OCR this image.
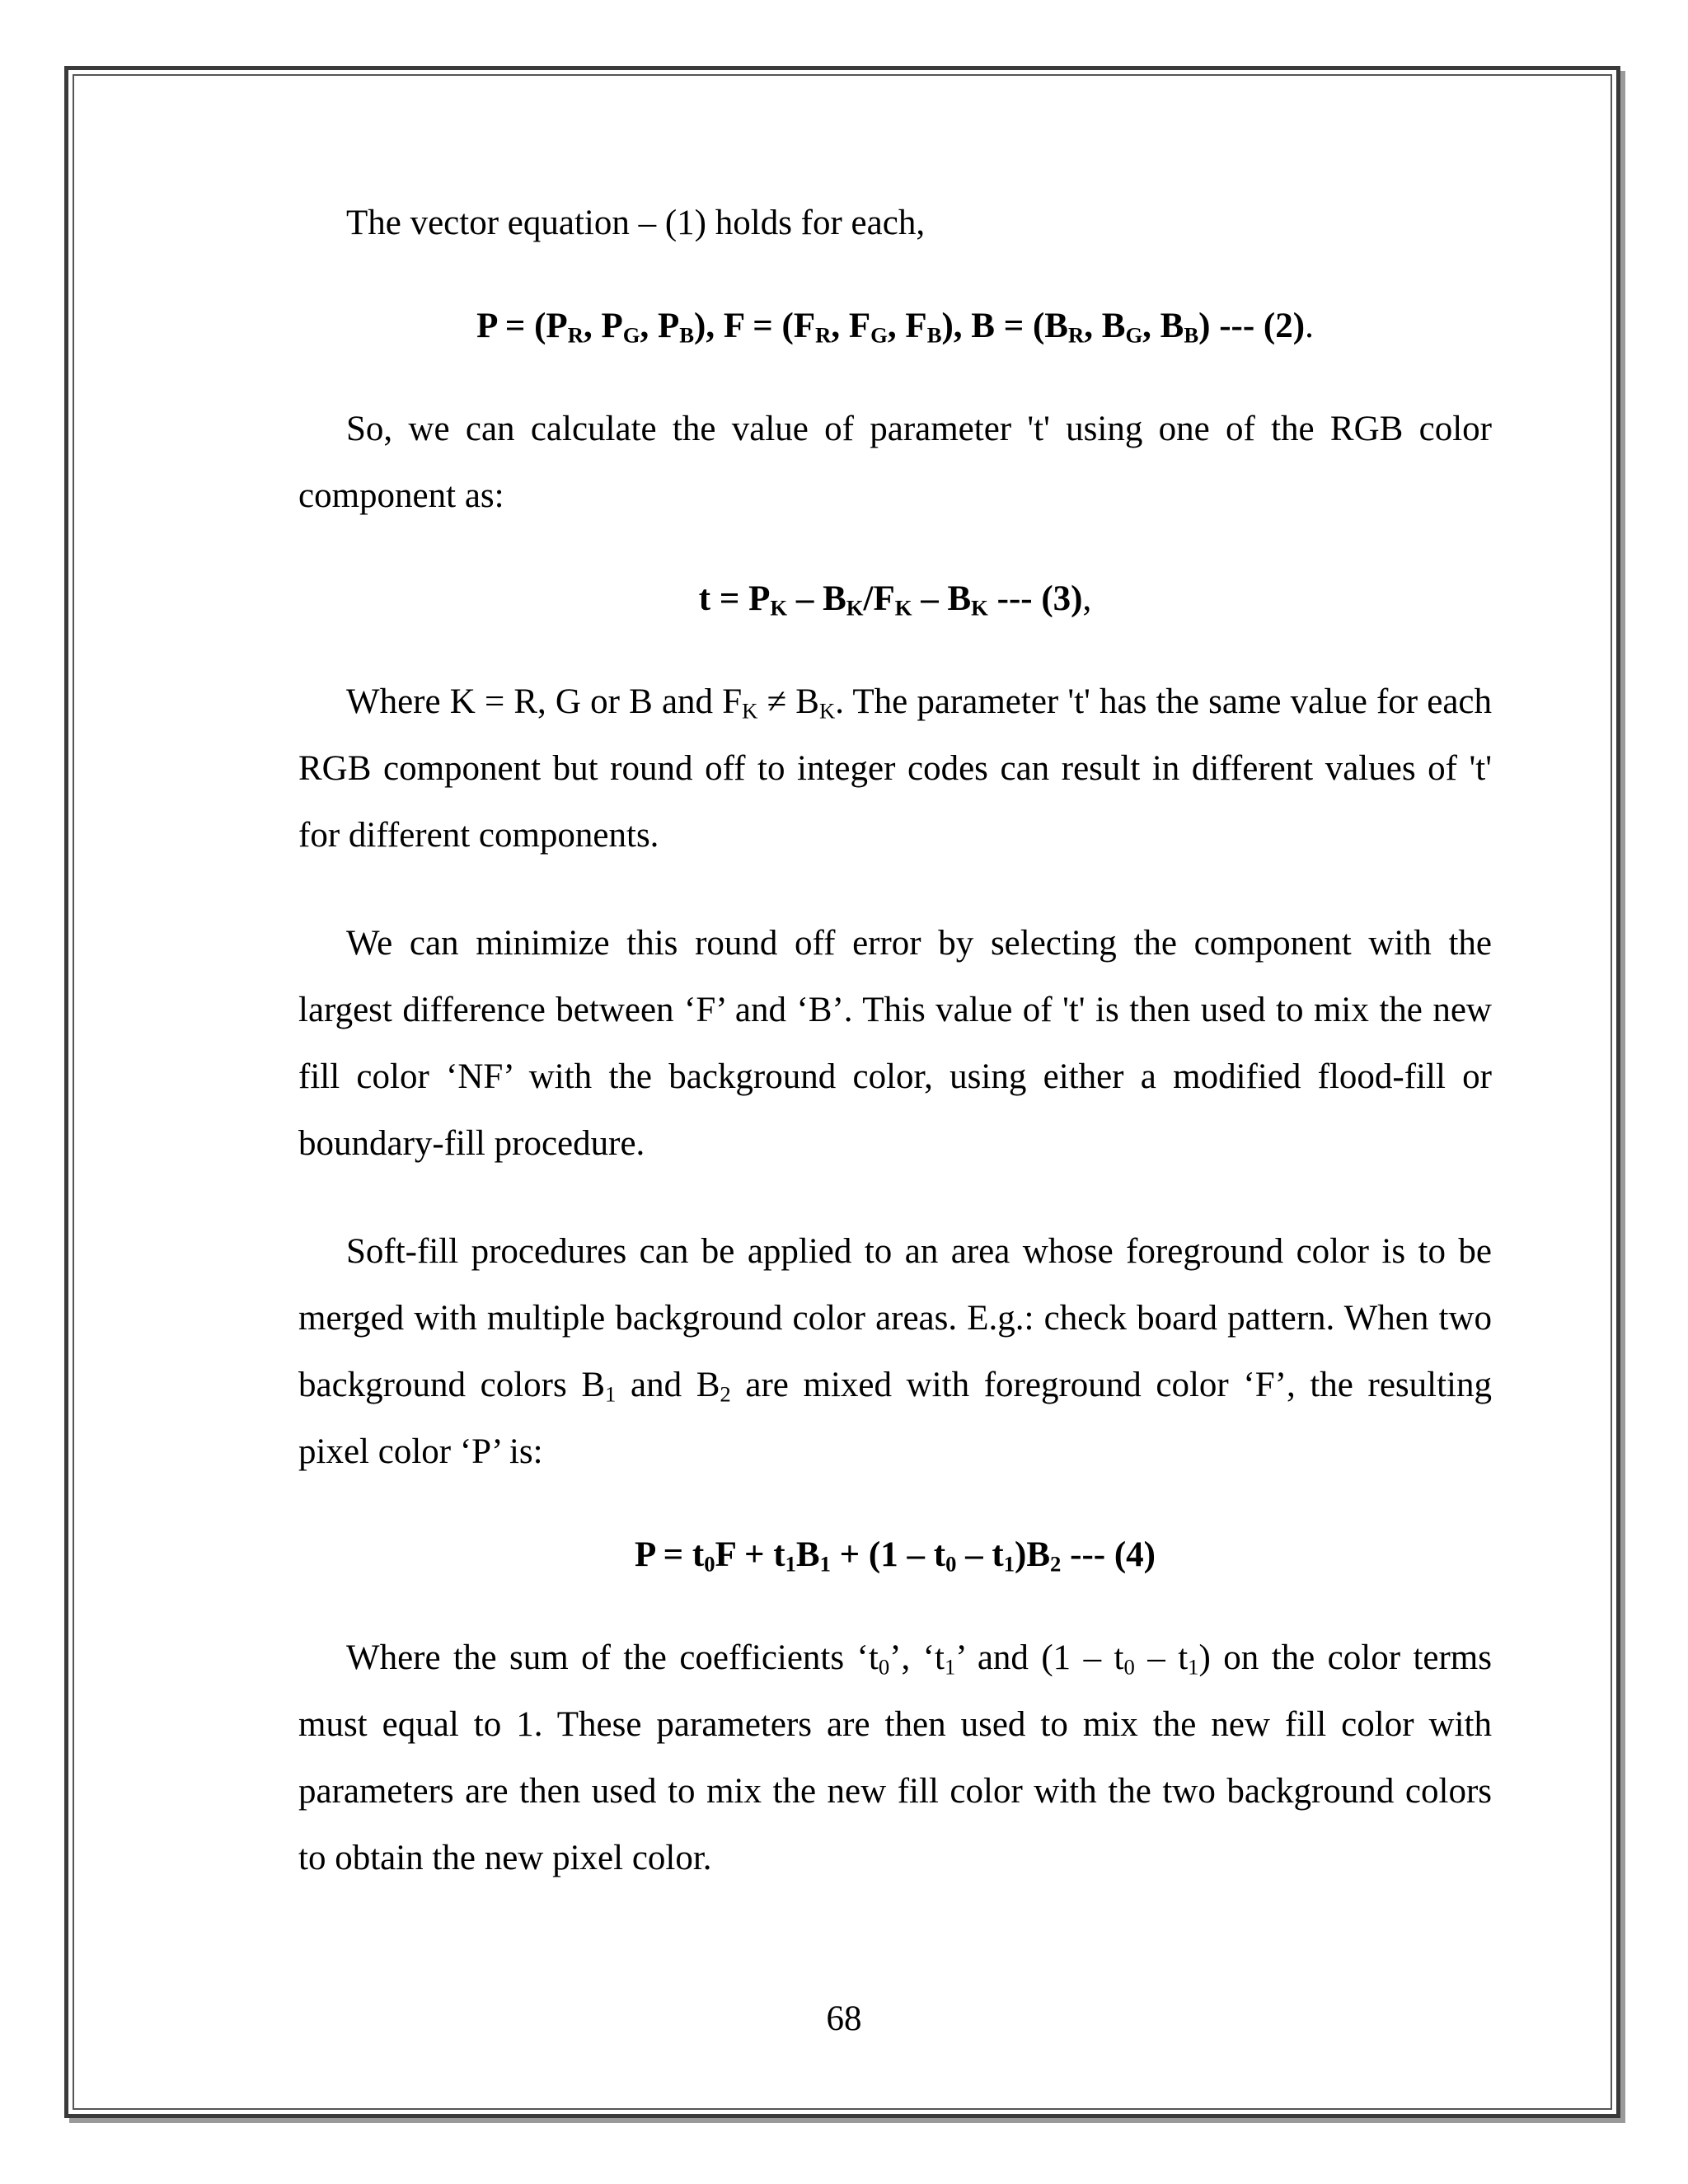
The vector equation – (1) holds for each,

$P = (P_R$, $P_G$, $P_B$), $F = (F_R$, $F_G$, $F_B$), $B = (B_R$, $B_G$, $B_B$) --- (2).

So, we can calculate the value of parameter 't' using one of the RGB color component as:

$t = P_K - B_K/F_K - B_K$ --- (3),

Where K = R, G or B and $F_K \ne B_K$. The parameter 't' has the same value for each RGB component but round off to integer codes can result in different values of 't' for different components.

We can minimize this round off error by selecting the component with the largest difference between ‘F’ and ‘B’. This value of 't' is then used to mix the new fill color ‘NF’ with the background color, using either a modified flood-fill or boundary-fill procedure.

Soft-fill procedures can be applied to an area whose foreground color is to be merged with multiple background color areas. E.g.: check board pattern. When two background colors $B_1$ and $B_2$ are mixed with foreground color ‘F’, the resulting pixel color ‘P’ is:

$P = t_0F + t_1B_1 + (1 - t_0 - t_1)B_2$ --- (4)

Where the sum of the coefficients ‘$t_0$’, ‘$t_1$’ and $(1 - t_0 - t_1)$ on the color terms must equal to 1. These parameters are then used to mix the new fill color with parameters are then used to mix the new fill color with the two background colors to obtain the new pixel color.

68
